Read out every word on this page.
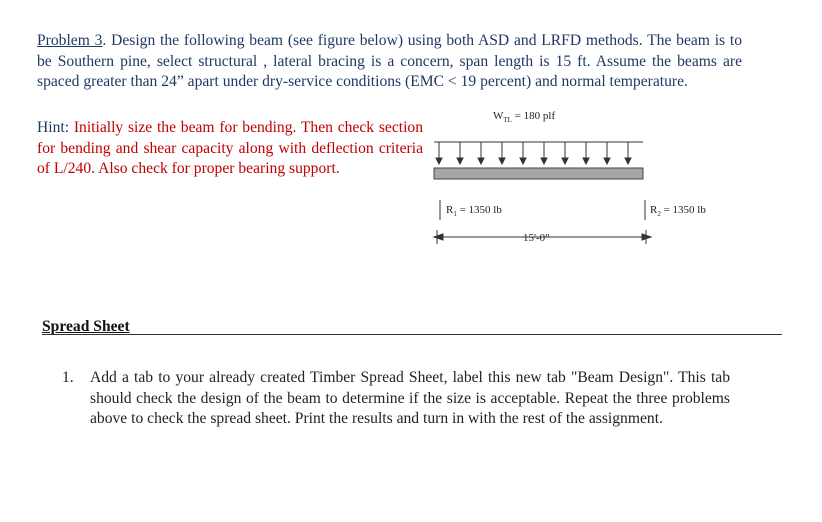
Problem 3. Design the following beam (see figure below) using both ASD and LRFD methods. The beam is to be Southern pine, select structural , lateral bracing is a concern, span length is 15 ft. Assume the beams are spaced greater than 24” apart under dry-service conditions (EMC < 19 percent) and normal temperature.
Hint: Initially size the beam for bending. Then check section for bending and shear capacity along with deflection criteria of L/240. Also check for proper bearing support.
$W_{TL} = 180$ plf
$R_1 = 1350$ lb	$R_2 = 1350$ lb
15'-0"
Spread Sheet
1. Add a tab to your already created Timber Spread Sheet, label this new tab "Beam Design". This tab should check the design of the beam to determine if the size is acceptable. Repeat the three problems above to check the spread sheet. Print the results and turn in with the rest of the assignment.
